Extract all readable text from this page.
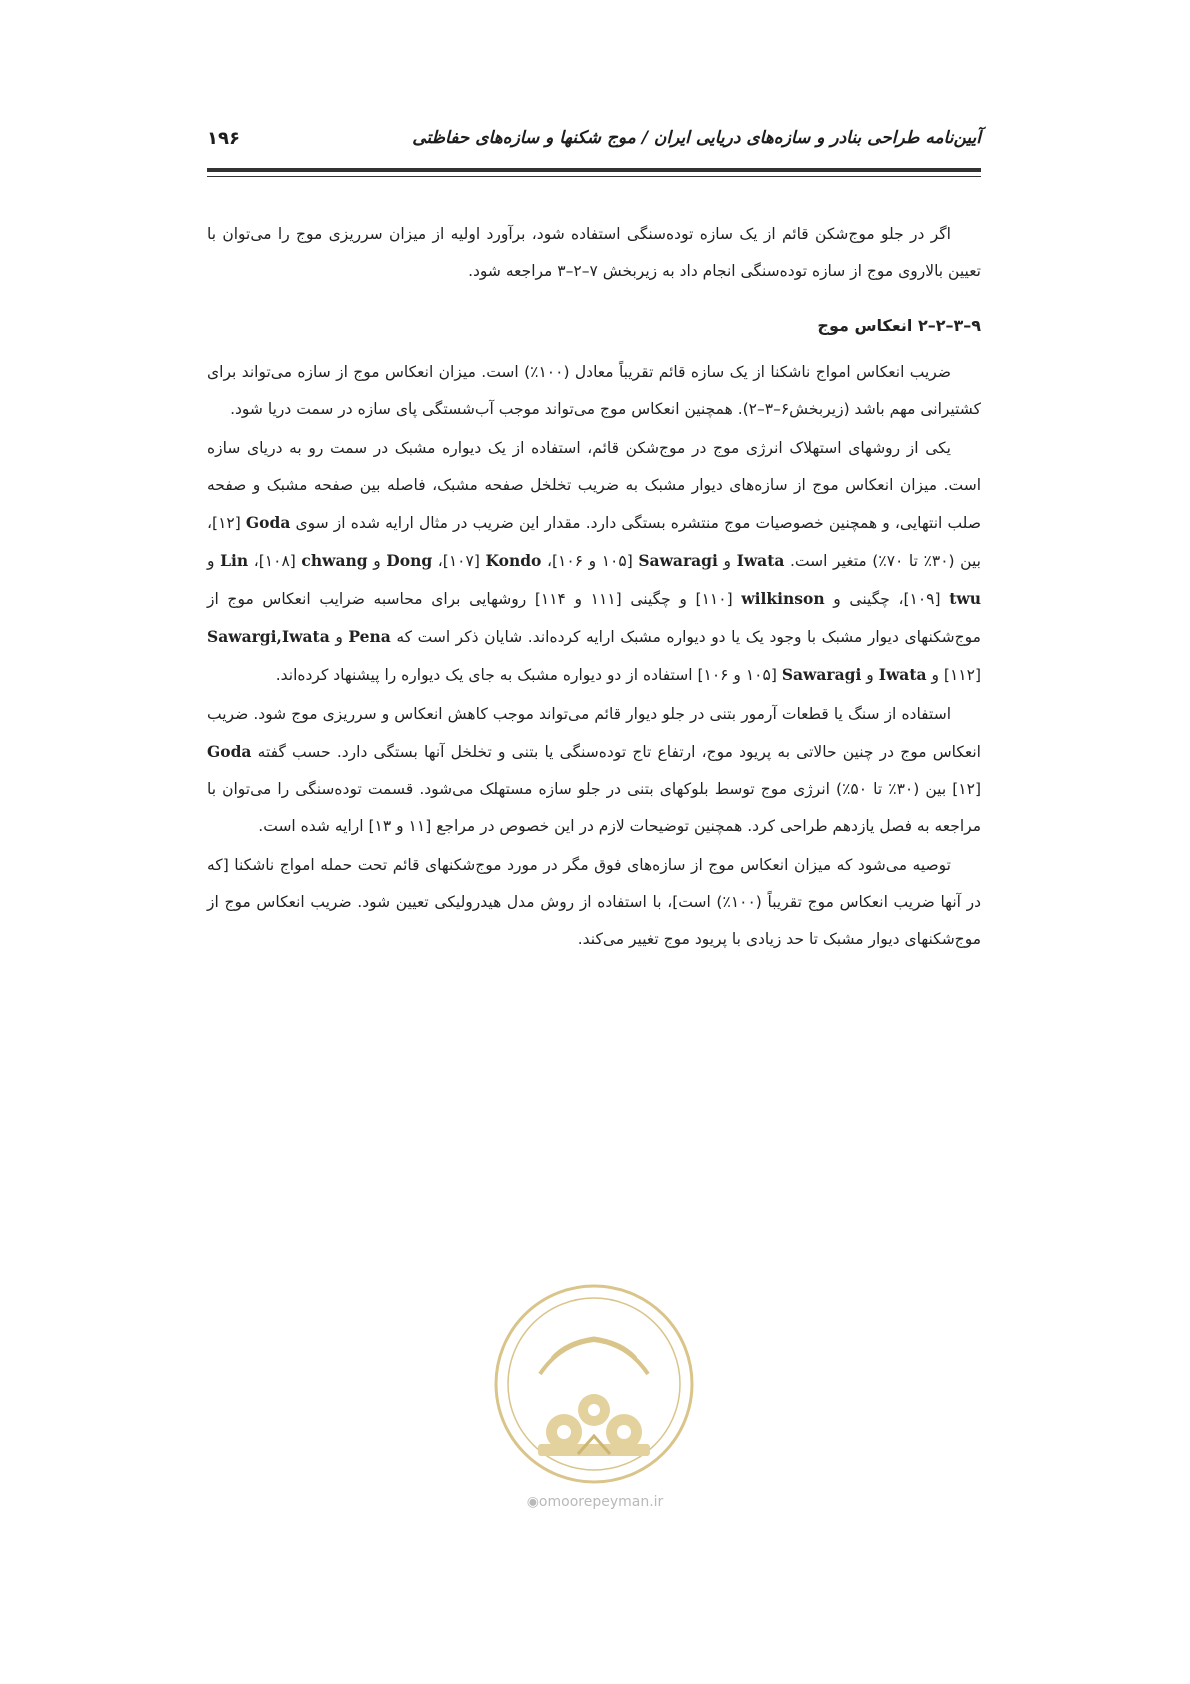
آیین‌نامه طراحی بنادر و سازه‌های دریایی ایران / موج شکنها و سازه‌های حفاظتی
۱۹۶

اگر در جلو موج‌شکن قائم از یک سازه توده‌سنگی استفاده شود، برآورد اولیه از میزان سرریزی موج را می‌توان با تعیین بالاروی موج از سازه توده‌سنگی انجام داد به زیربخش ۷–۲–۳ مراجعه شود.

۹–۳–۲–۲ انعکاس موج

ضریب انعکاس امواج ناشکنا از یک سازه قائم تقریباً معادل (۱۰۰٪) است. میزان انعکاس موج از سازه می‌تواند برای کشتیرانی مهم باشد (زیربخش۶–۳–۲). همچنین انعکاس موج می‌تواند موجب آب‌شستگی پای سازه در سمت دریا شود.

یکی از روشهای استهلاک انرژی موج در موج‌شکن قائم، استفاده از یک دیواره مشبک در سمت رو به دریای سازه است. میزان انعکاس موج از سازه‌های دیوار مشبک به ضریب تخلخل صفحه مشبک، فاصله بین صفحه مشبک و صفحه صلب انتهایی، و همچنین خصوصیات موج منتشره بستگی دارد. مقدار این ضریب در مثال ارایه شده از سوی Goda [۱۲]، بین (۳۰٪ تا ۷۰٪) متغیر است. Iwata و Sawaragi [۱۰۵ و ۱۰۶]، Kondo [۱۰۷]، Dong و chwang [۱۰۸]، Lin و twu [۱۰۹]، چگینی و wilkinson [۱۱۰] و چگینی [۱۱۱ و ۱۱۴] روشهایی برای محاسبه ضرایب انعکاس موج از موج‌شکنهای دیوار مشبک با وجود یک یا دو دیواره مشبک ارایه کرده‌اند. شایان ذکر است که Pena و Sawargi,Iwata [۱۱۲] و Iwata و Sawaragi [۱۰۵ و ۱۰۶] استفاده از دو دیواره مشبک به جای یک دیواره را پیشنهاد کرده‌اند.

استفاده از سنگ یا قطعات آرمور بتنی در جلو دیوار قائم می‌تواند موجب کاهش انعکاس و سرریزی موج شود. ضریب انعکاس موج در چنین حالاتی به پریود موج، ارتفاع تاج توده‌سنگی یا بتنی و تخلخل آنها بستگی دارد. حسب گفته Goda [۱۲] بین (۳۰٪ تا ۵۰٪) انرژی موج توسط بلوکهای بتنی در جلو سازه مستهلک می‌شود. قسمت توده‌سنگی را می‌توان با مراجعه به فصل یازدهم طراحی کرد. همچنین توضیحات لازم در این خصوص در مراجع [۱۱ و ۱۳] ارایه شده است.

توصیه می‌شود که میزان انعکاس موج از سازه‌های فوق مگر در مورد موج‌شکنهای قائم تحت حمله امواج ناشکنا [که در آنها ضریب انعکاس موج تقریباً (۱۰۰٪) است]، با استفاده از روش مدل هیدرولیکی تعیین شود. ضریب انعکاس موج از موج‌شکنهای دیوار مشبک تا حد زیادی با پریود موج تغییر می‌کند.

◉omoorepeyman.ir
